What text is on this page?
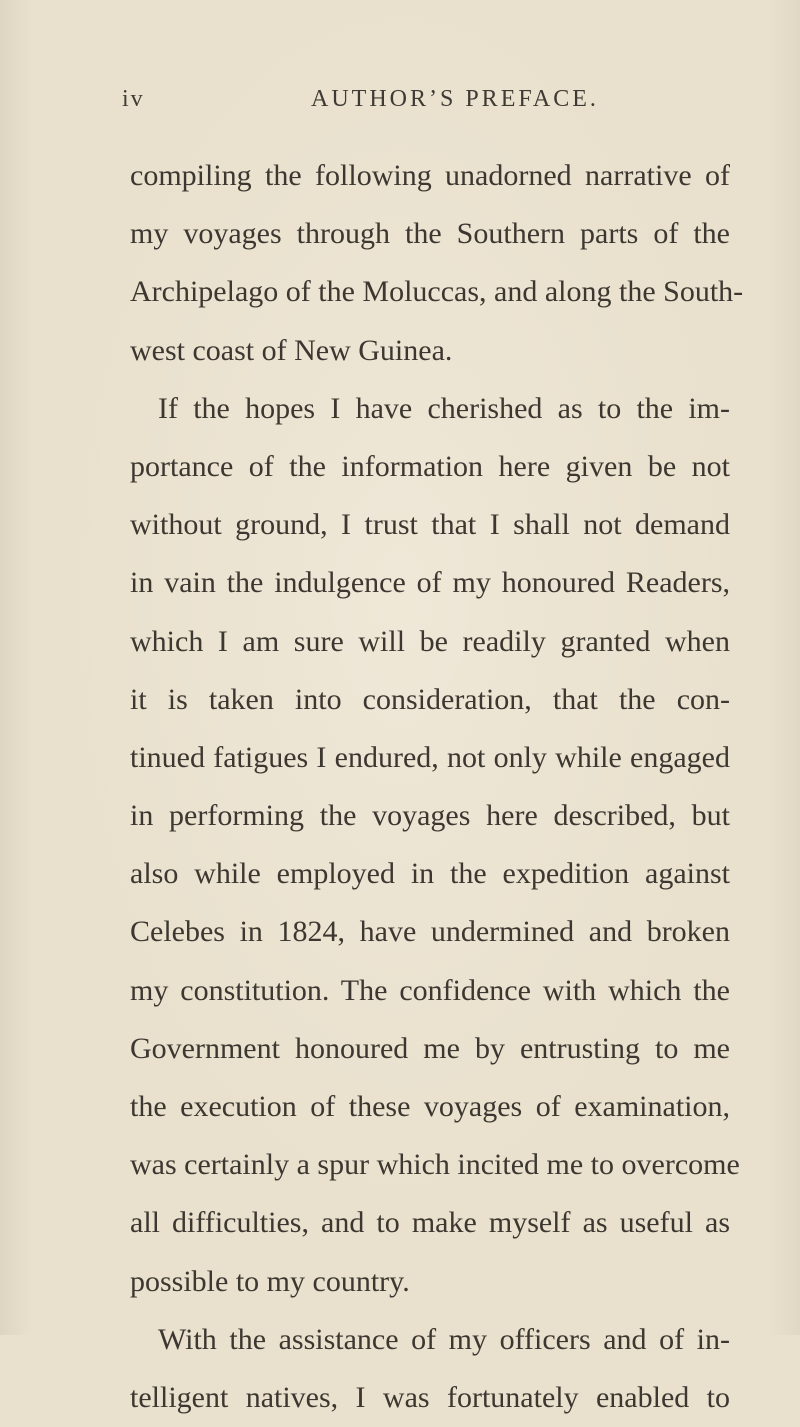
iv	AUTHOR’S PREFACE.
compiling the following unadorned narrative of
my voyages through the Southern parts of the
Archipelago of the Moluccas, and along the South-
west coast of New Guinea.
If the hopes I have cherished as to the im-
portance of the information here given be not
without ground, I trust that I shall not demand
in vain the indulgence of my honoured Readers,
which I am sure will be readily granted when
it is taken into consideration, that the con-
tinued fatigues I endured, not only while engaged
in performing the voyages here described, but
also while employed in the expedition against
Celebes in 1824, have undermined and broken
my constitution. The confidence with which the
Government honoured me by entrusting to me
the execution of these voyages of examination,
was certainly a spur which incited me to overcome
all difficulties, and to make myself as useful as
possible to my country.
With the assistance of my officers and of in-
telligent natives, I was fortunately enabled to
